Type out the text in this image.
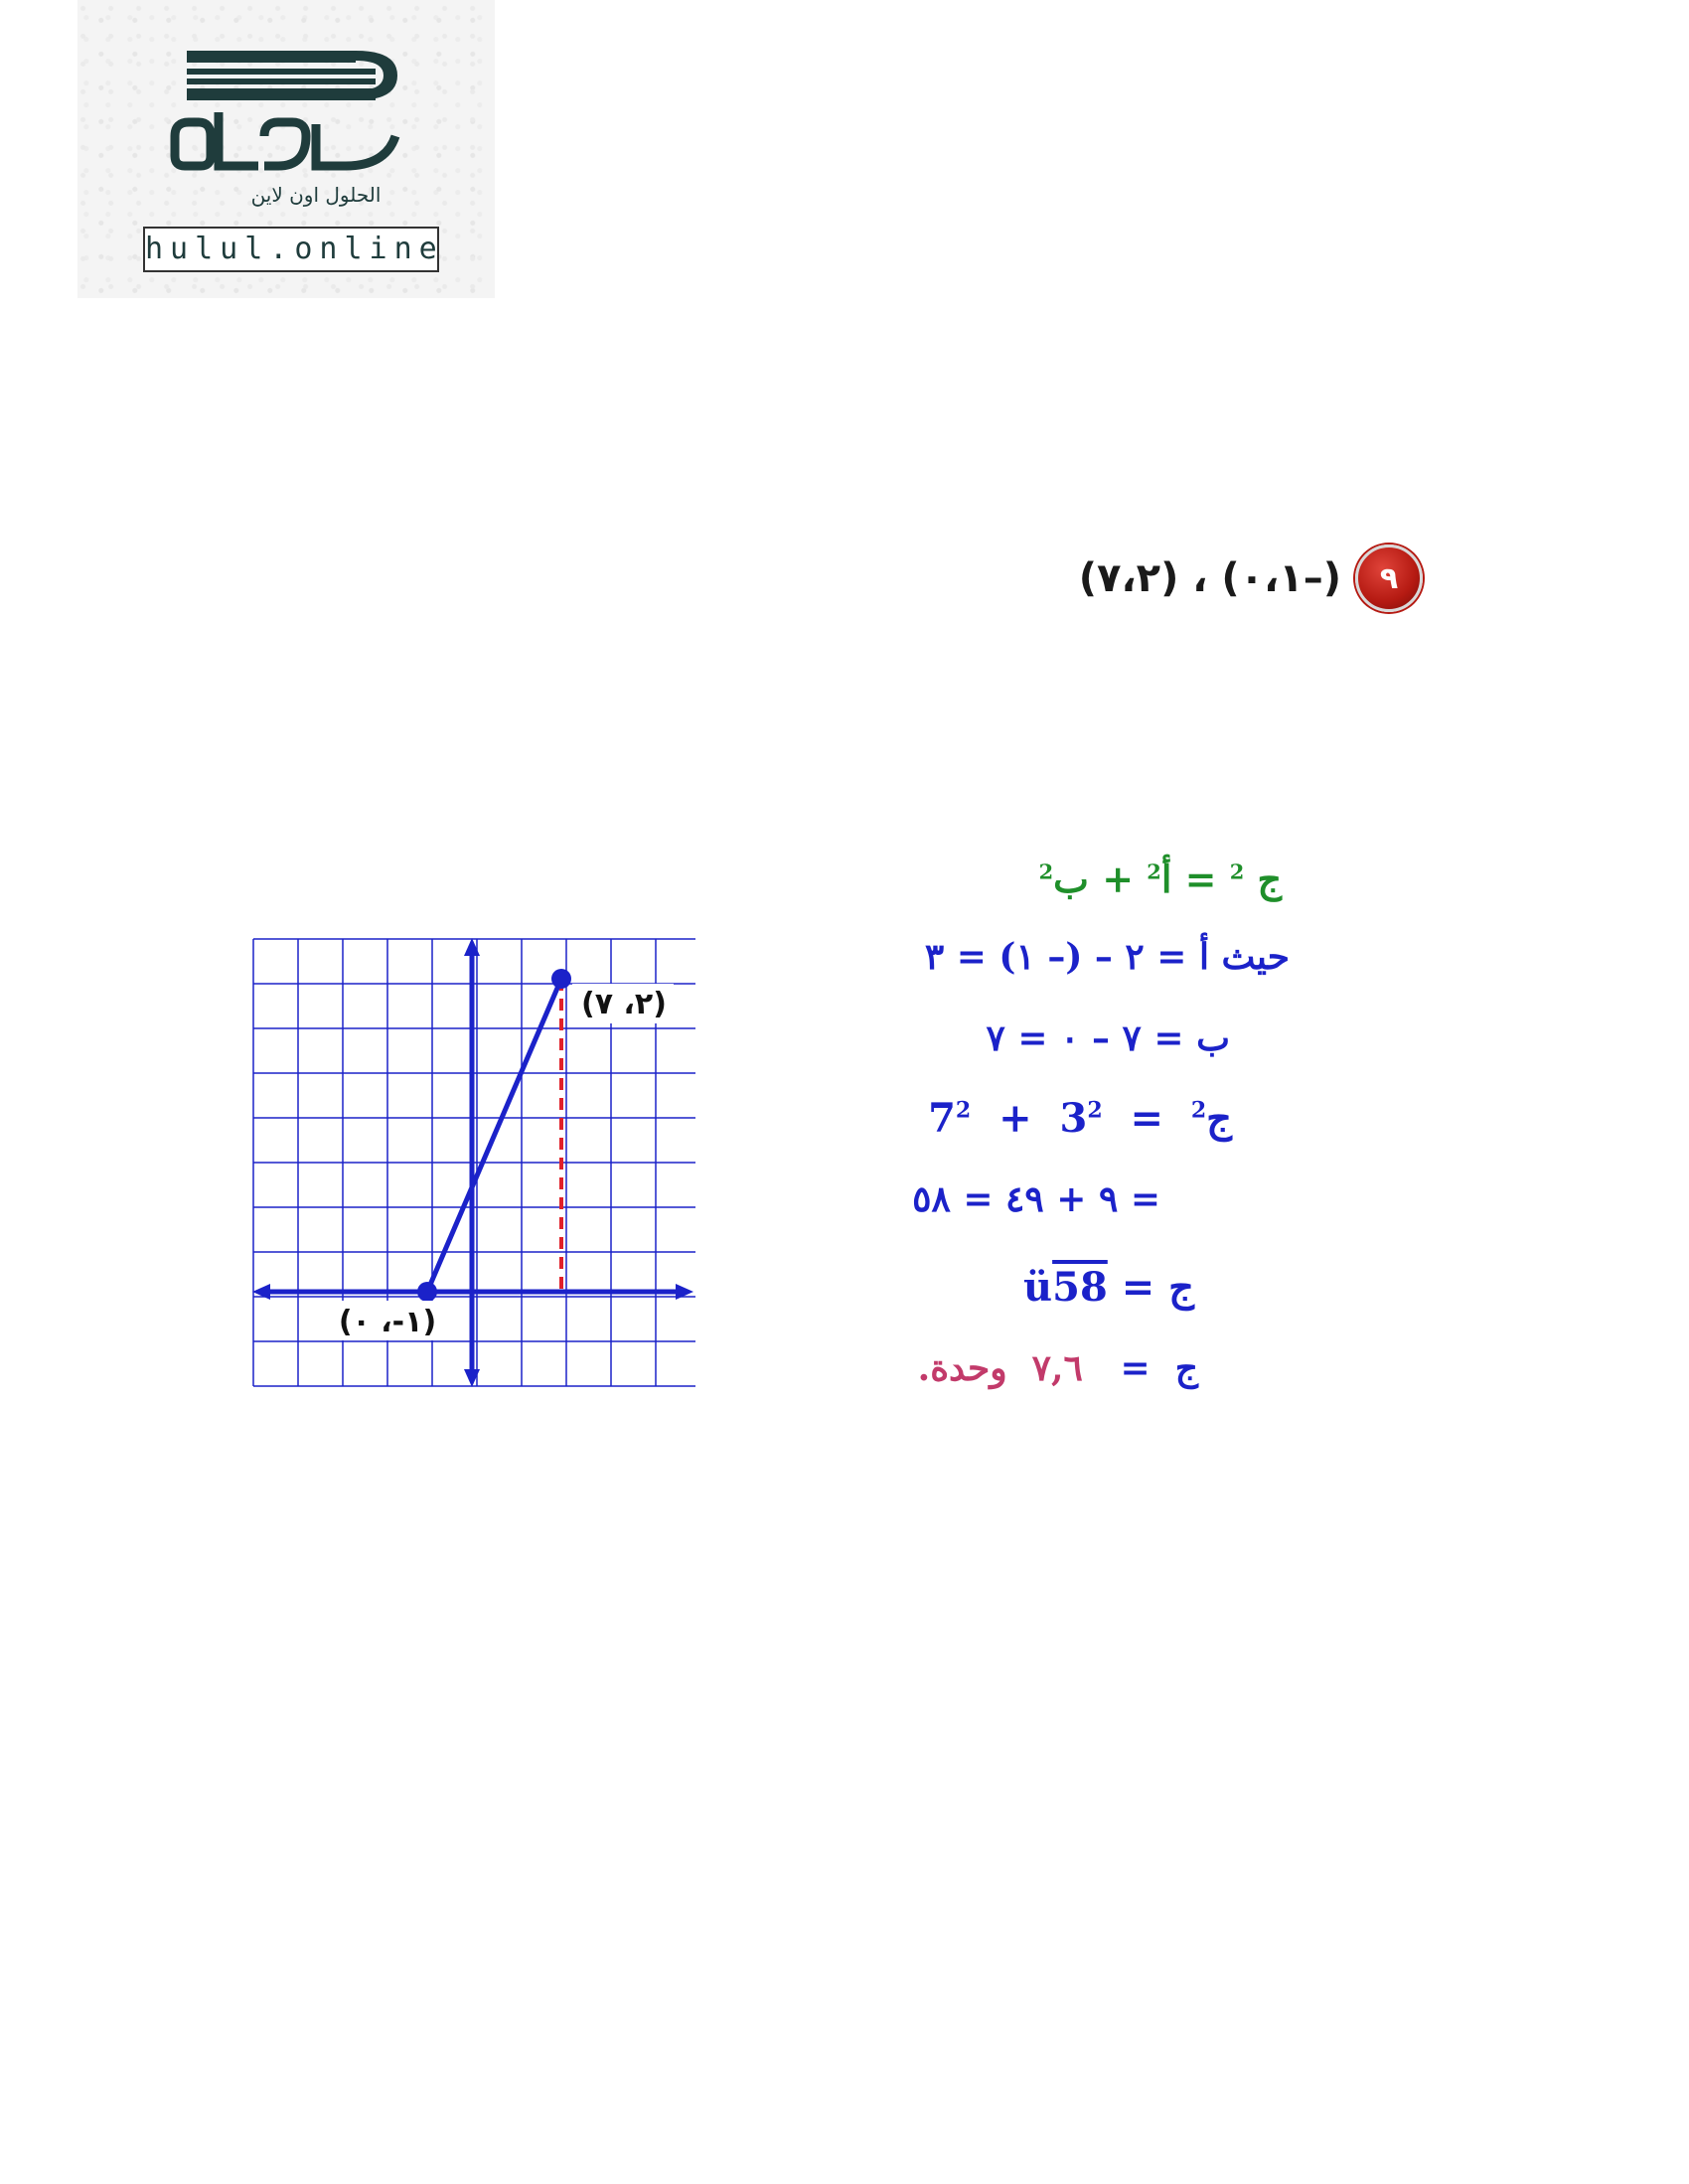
الحلول اون لاين
hulul.online
٩
(٧،٢) ، (٠،١–)
(١-، ٠)
(٢، ٧)
ج $^2$ = أ$^2$ + ب$^2$
حيث أ = ٢ – (– ١) = ٣
ب = ٧ – ٠ = ٧
ج$^2$  =  $3^2 + 7^2$
= ٩ + ٤٩ = ٥٨
ج = ü58
ج  =   ٧,٦  وحدة.
